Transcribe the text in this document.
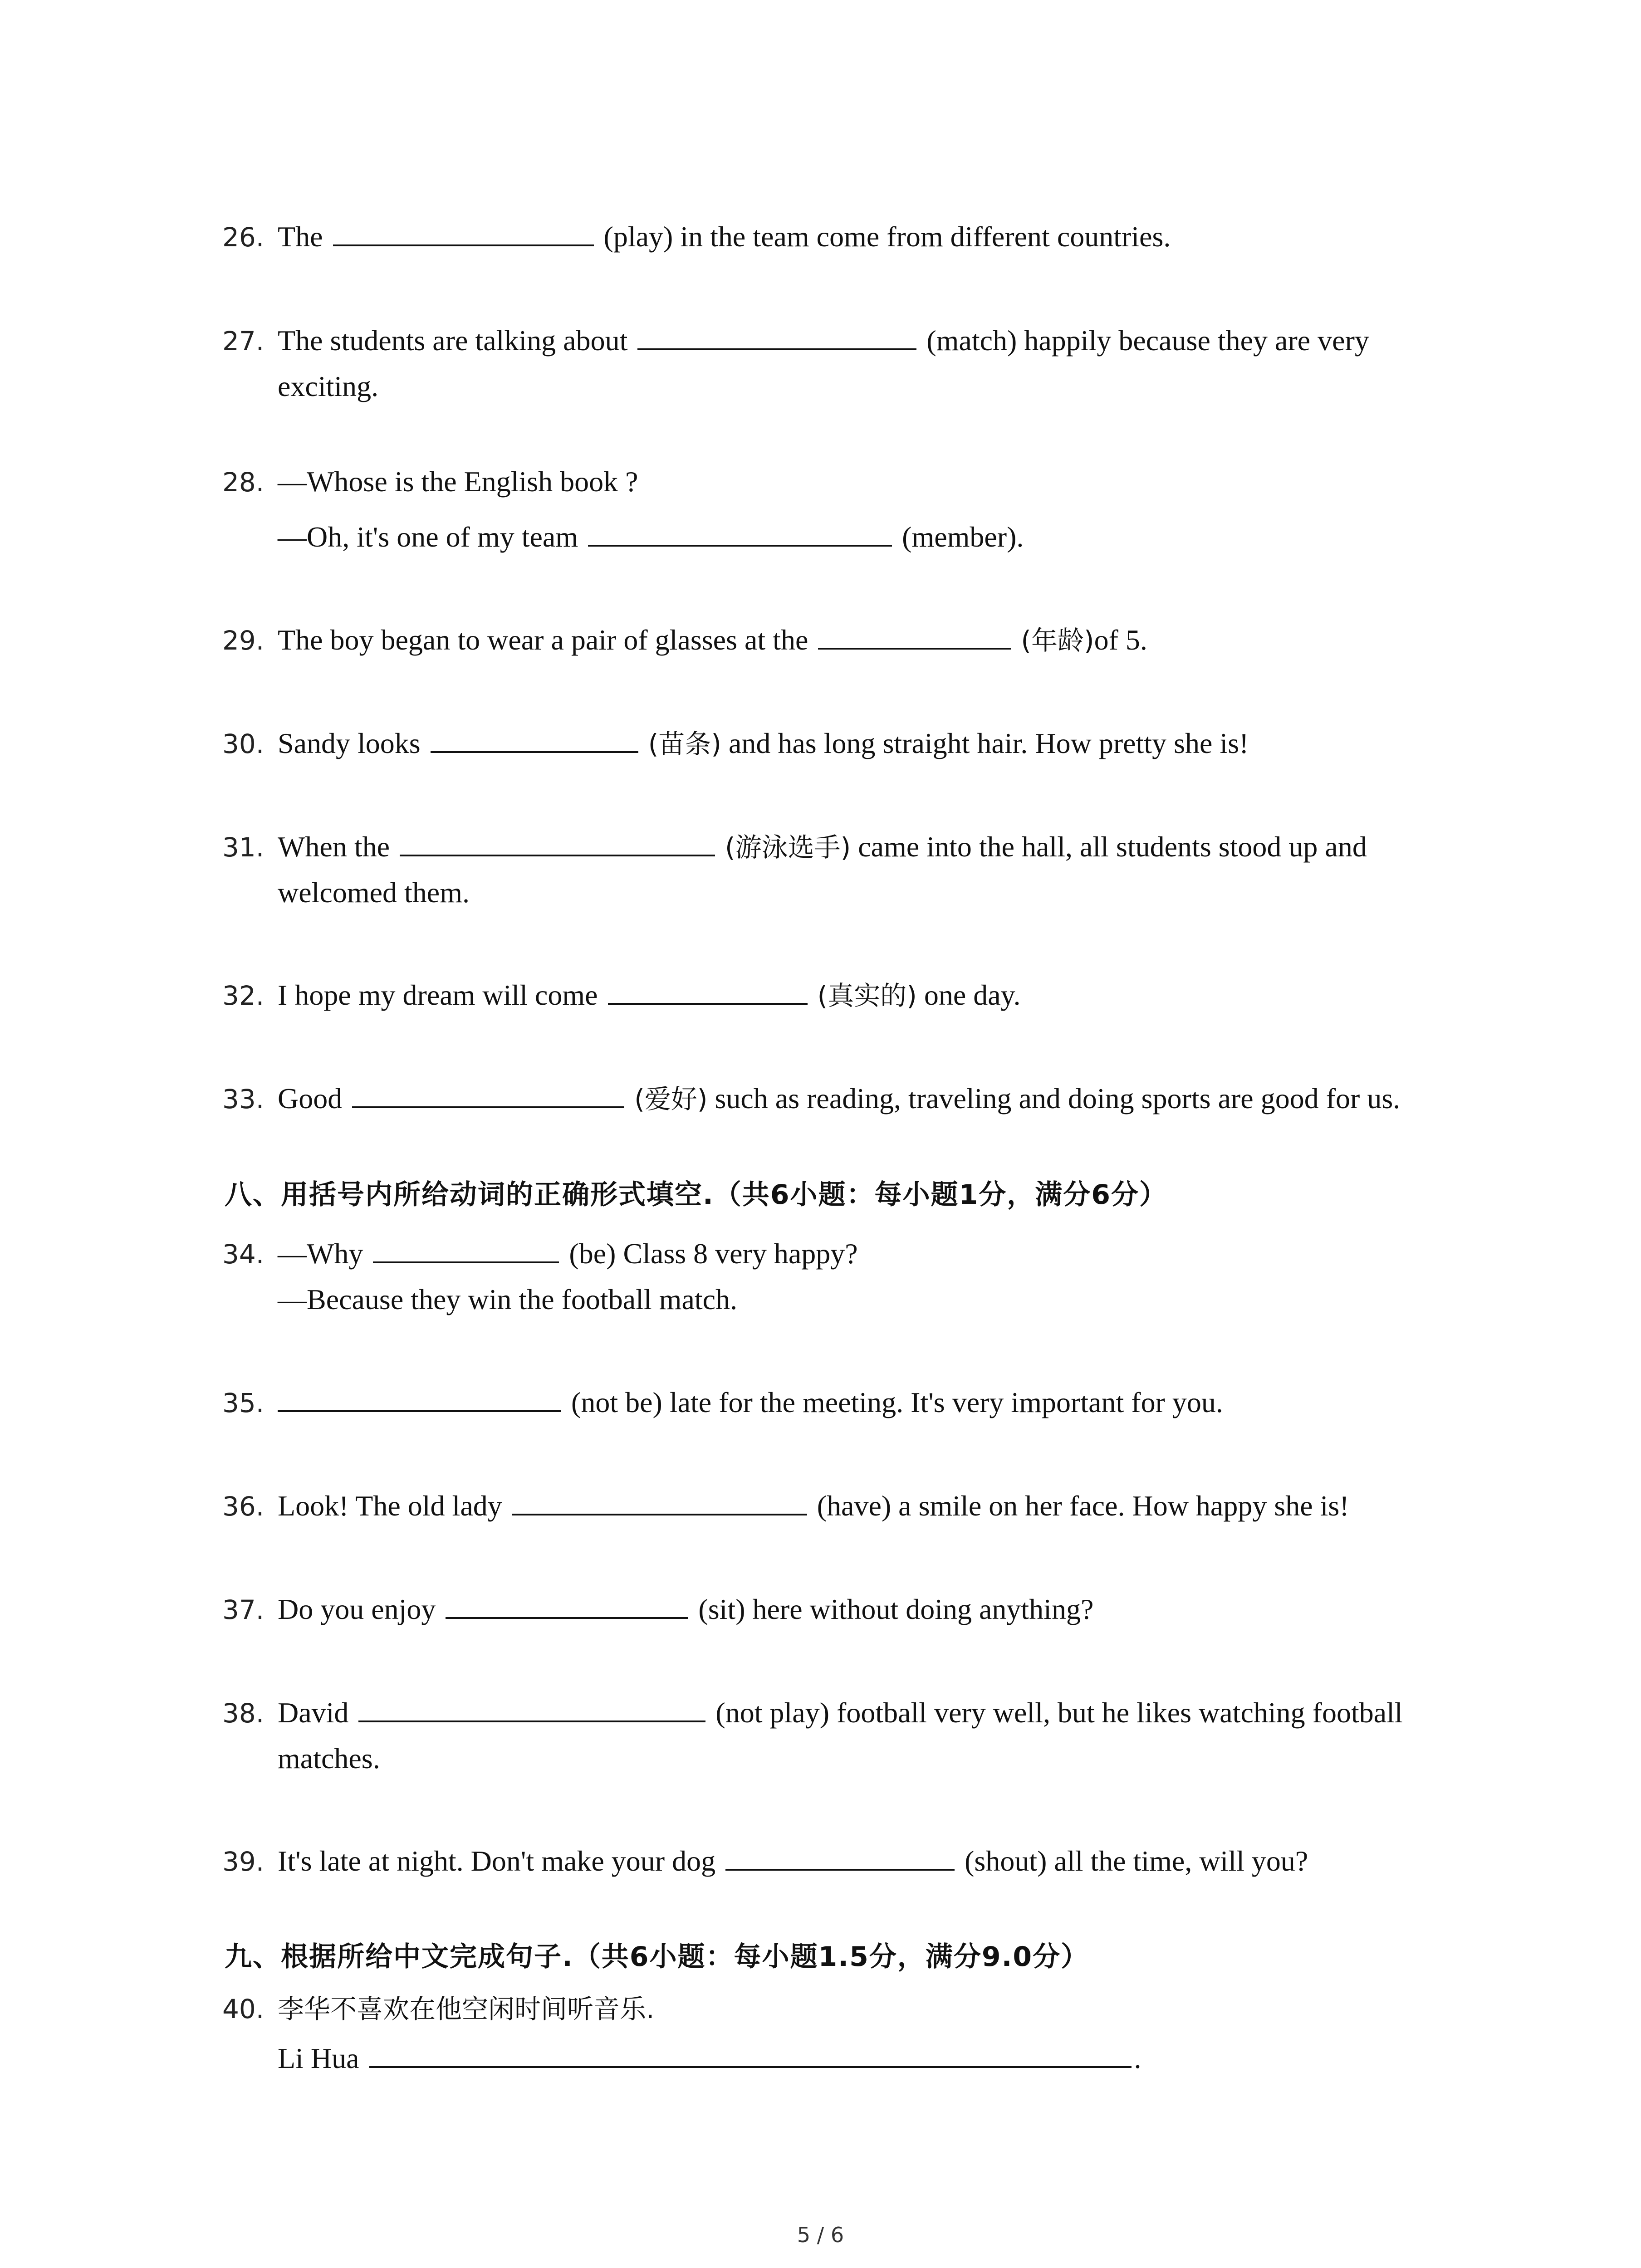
26. The	(play) in the team come from different countries.
27. The students are talking about	(match) happily because they are very
exciting.
28. —Whose is the English book ?
—Oh, it's one of my team	(member).
29. The boy began to wear a pair of glasses at the	(年龄)of 5.
30. Sandy looks	(苗条) and has long straight hair. How pretty she is!
31. When the	(游泳选手) came into the hall, all students stood up and
welcomed them.
32. I hope my dream will come	(真实的) one day.
33. Good	(爱好) such as reading, traveling and doing sports are good for us.
八、用括号内所给动词的正确形式填空.（共6小题：每小题1分，满分6分）
34. —Why	(be) Class 8 very happy?
—Because they win the football match.
35.	(not be) late for the meeting. It's very important for you.
36. Look! The old lady	(have) a smile on her face. How happy she is!
37. Do you enjoy	(sit) here without doing anything?
38. David	(not play) football very well, but he likes watching football
matches.
39. It's late at night. Don't make your dog	(shout) all the time, will you?
九、根据所给中文完成句子.（共6小题：每小题1.5分，满分9.0分）
40. 李华不喜欢在他空闲时间听音乐.
Li Hua	.
5 / 6
